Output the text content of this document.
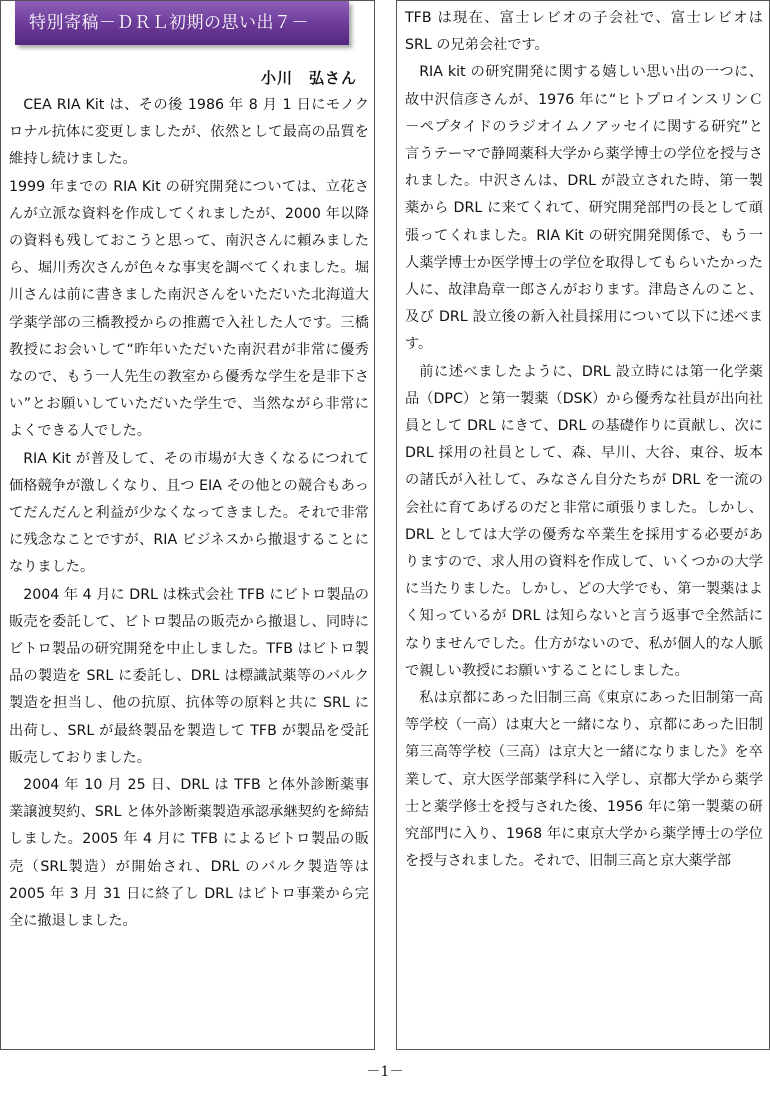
特別寄稿－ＤＲＬ初期の思い出７－
小川　弘さん

CEA RIA Kit は、その後 1986 年 8 月 1 日にモノクロナル抗体に変更しましたが、依然として最高の品質を維持し続けました。

1999 年までの RIA Kit の研究開発については、立花さんが立派な資料を作成してくれましたが、2000 年以降の資料も残しておこうと思って、南沢さんに頼みましたら、堀川秀次さんが色々な事実を調べてくれました。堀川さんは前に書きました南沢さんをいただいた北海道大学薬学部の三橋教授からの推薦で入社した人です。三橋教授にお会いして“昨年いただいた南沢君が非常に優秀なので、もう一人先生の教室から優秀な学生を是非下さい”とお願いしていただいた学生で、当然ながら非常によくできる人でした。

RIA Kit が普及して、その市場が大きくなるにつれて価格競争が激しくなり、且つ EIA その他との競合もあってだんだんと利益が少なくなってきました。それで非常に残念なことですが、RIA ビジネスから撤退することになりました。

2004 年 4 月に DRL は株式会社 TFB にビトロ製品の販売を委託して、ビトロ製品の販売から撤退し、同時にビトロ製品の研究開発を中止しました。TFB はビトロ製品の製造を SRL に委託し、DRL は標識試薬等のバルク製造を担当し、他の抗原、抗体等の原料と共に SRL に出荷し、SRL が最終製品を製造して TFB が製品を受託販売しておりました。

2004 年 10 月 25 日、DRL は TFB と体外診断薬事業譲渡契約、SRL と体外診断薬製造承認承継契約を締結しました。2005 年 4 月に TFB によるビトロ製品の販売（SRL製造）が開始され、DRL のバルク製造等は 2005 年 3 月 31 日に終了し DRL はビトロ事業から完全に撤退しました。

TFB は現在、富士レビオの子会社で、富士レビオは SRL の兄弟会社です。

RIA kit の研究開発に関する嬉しい思い出の一つに、故中沢信彦さんが、1976 年に“ヒトプロインスリンＣ－ペプタイドのラジオイムノアッセイに関する研究”と言うテーマで静岡薬科大学から薬学博士の学位を授与されました。中沢さんは、DRL が設立された時、第一製薬から DRL に来てくれて、研究開発部門の長として頑張ってくれました。RIA Kit の研究開発関係で、もう一人薬学博士か医学博士の学位を取得してもらいたかった人に、故津島章一郎さんがおります。津島さんのこと、及び DRL 設立後の新入社員採用について以下に述べます。

前に述べましたように、DRL 設立時には第一化学薬品（DPC）と第一製薬（DSK）から優秀な社員が出向社員として DRL にきて、DRL の基礎作りに貢献し、次に DRL 採用の社員として、森、早川、大谷、東谷、坂本の諸氏が入社して、みなさん自分たちが DRL を一流の会社に育てあげるのだと非常に頑張りました。しかし、DRL としては大学の優秀な卒業生を採用する必要がありますので、求人用の資料を作成して、いくつかの大学に当たりました。しかし、どの大学でも、第一製薬はよく知っているが DRL は知らないと言う返事で全然話になりませんでした。仕方がないので、私が個人的な人脈で親しい教授にお願いすることにしました。

私は京都にあった旧制三高《東京にあった旧制第一高等学校（一高）は東大と一緒になり、京都にあった旧制第三高等学校（三高）は京大と一緒になりました》を卒業して、京大医学部薬学科に入学し、京都大学から薬学士と薬学修士を授与された後、1956 年に第一製薬の研究部門に入り、1968 年に東京大学から薬学博士の学位を授与されました。それで、旧制三高と京大薬学部

－1－
